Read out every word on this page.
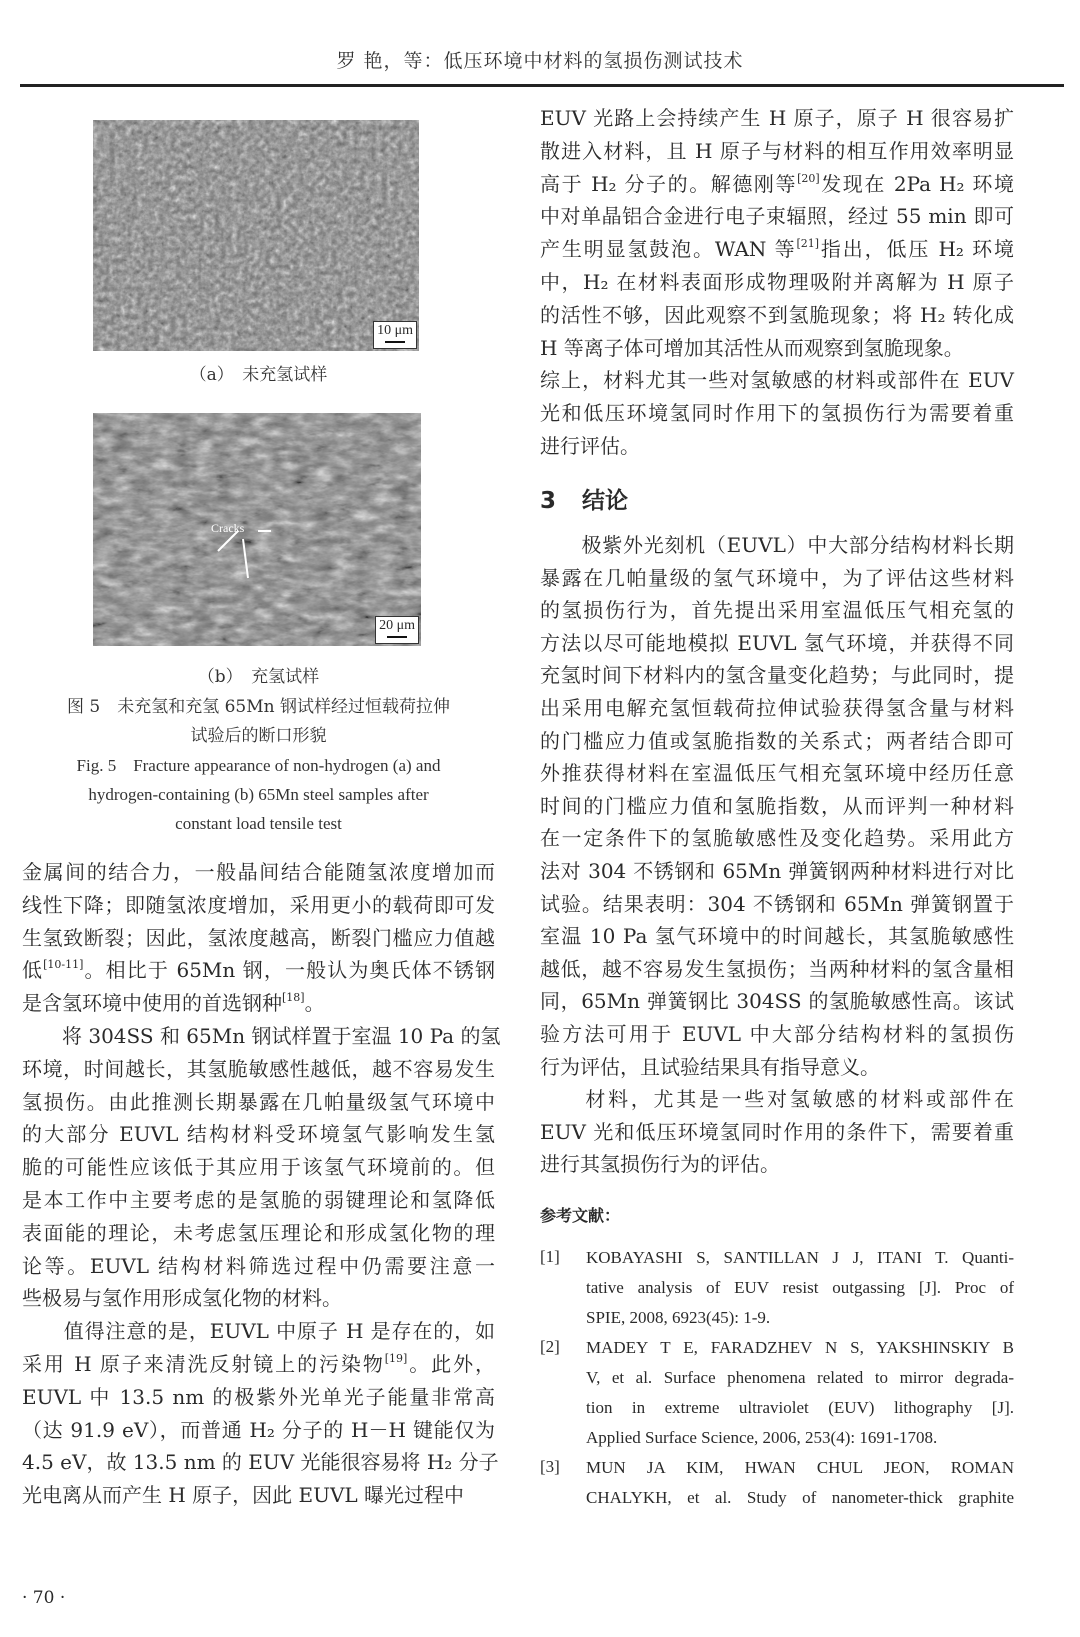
罗 艳，等：低压环境中材料的氢损伤测试技术
10 μm
（a）　未充氢试样
Cracks
20 μm
（b）　充氢试样
图 5　未充氢和充氢 65Mn 钢试样经过恒载荷拉伸
试验后的断口形貌
Fig. 5　Fracture appearance of non-hydrogen (a) and
hydrogen-containing (b) 65Mn steel samples after
constant load tensile test
金属间的结合力，一般晶间结合能随氢浓度增加而
线性下降；即随氢浓度增加，采用更小的载荷即可发
生氢致断裂；因此，氢浓度越高，断裂门槛应力值越
低[10-11]。相比于 65Mn 钢，一般认为奥氏体不锈钢
是含氢环境中使用的首选钢种[18]。
　　将 304SS 和 65Mn 钢试样置于室温 10 Pa 的氢
环境，时间越长，其氢脆敏感性越低，越不容易发生
氢损伤。由此推测长期暴露在几帕量级氢气环境中
的大部分 EUVL 结构材料受环境氢气影响发生氢
脆的可能性应该低于其应用于该氢气环境前的。但
是本工作中主要考虑的是氢脆的弱键理论和氢降低
表面能的理论，未考虑氢压理论和形成氢化物的理
论等。EUVL 结构材料筛选过程中仍需要注意一
些极易与氢作用形成氢化物的材料。
　　值得注意的是，EUVL 中原子 H 是存在的，如
采用 H 原子来清洗反射镜上的污染物[19]。此外，
EUVL 中 13.5 nm 的极紫外光单光子能量非常高
（达 91.9 eV），而普通 H₂ 分子的 H－H 键能仅为
4.5 eV，故 13.5 nm 的 EUV 光能很容易将 H₂ 分子
光电离从而产生 H 原子，因此 EUVL 曝光过程中
EUV 光路上会持续产生 H 原子，原子 H 很容易扩
散进入材料，且 H 原子与材料的相互作用效率明显
高于 H₂ 分子的。解德刚等[20]发现在 2Pa H₂ 环境
中对单晶铝合金进行电子束辐照，经过 55 min 即可
产生明显氢鼓泡。WAN 等[21]指出，低压 H₂ 环境
中，H₂ 在材料表面形成物理吸附并离解为 H 原子
的活性不够，因此观察不到氢脆现象；将 H₂ 转化成
H 等离子体可增加其活性从而观察到氢脆现象。
综上，材料尤其一些对氢敏感的材料或部件在 EUV
光和低压环境氢同时作用下的氢损伤行为需要着重
进行评估。
3 结论
　　极紫外光刻机（EUVL）中大部分结构材料长期
暴露在几帕量级的氢气环境中，为了评估这些材料
的氢损伤行为，首先提出采用室温低压气相充氢的
方法以尽可能地模拟 EUVL 氢气环境，并获得不同
充氢时间下材料内的氢含量变化趋势；与此同时，提
出采用电解充氢恒载荷拉伸试验获得氢含量与材料
的门槛应力值或氢脆指数的关系式；两者结合即可
外推获得材料在室温低压气相充氢环境中经历任意
时间的门槛应力值和氢脆指数，从而评判一种材料
在一定条件下的氢脆敏感性及变化趋势。采用此方
法对 304 不锈钢和 65Mn 弹簧钢两种材料进行对比
试验。结果表明：304 不锈钢和 65Mn 弹簧钢置于
室温 10 Pa 氢气环境中的时间越长，其氢脆敏感性
越低，越不容易发生氢损伤；当两种材料的氢含量相
同，65Mn 弹簧钢比 304SS 的氢脆敏感性高。该试
验方法可用于 EUVL 中大部分结构材料的氢损伤
行为评估，且试验结果具有指导意义。
　　材料，尤其是一些对氢敏感的材料或部件在
EUV 光和低压环境氢同时作用的条件下，需要着重
进行其氢损伤行为的评估。
参考文献：
[1] KOBAYASHI S, SANTILLAN J J, ITANI T. Quanti-
tative analysis of EUV resist outgassing [J]. Proc of
SPIE, 2008, 6923(45): 1-9.
[2] MADEY T E, FARADZHEV N S, YAKSHINSKIY B
V, et al. Surface phenomena related to mirror degrada-
tion in extreme ultraviolet (EUV) lithography [J].
Applied Surface Science, 2006, 253(4): 1691-1708.
[3] MUN JA KIM, HWAN CHUL JEON, ROMAN
CHALYKH, et al. Study of nanometer-thick graphite
· 70 ·
